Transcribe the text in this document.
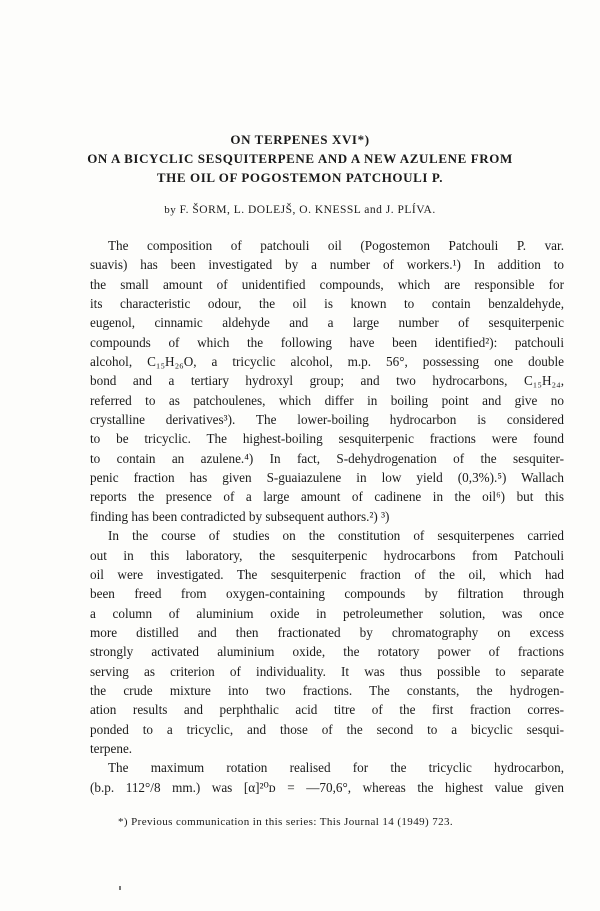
ON TERPENES XVI*)
ON A BICYCLIC SESQUITERPENE AND A NEW AZULENE FROM
THE OIL OF POGOSTEMON PATCHOULI P.
by F. ŠORM, L. DOLEJŠ, O. KNESSL and J. PLÍVA.
The composition of patchouli oil (Pogostemon Patchouli P. var.
suavis) has been investigated by a number of workers.¹) In addition to
the small amount of unidentified compounds, which are responsible for
its characteristic odour, the oil is known to contain benzaldehyde,
eugenol, cinnamic aldehyde and a large number of sesquiterpenic
compounds of which the following have been identified²): patchouli
alcohol, C₁₅H₂₆O, a tricyclic alcohol, m.p. 56°, possessing one double
bond and a tertiary hydroxyl group; and two hydrocarbons, C₁₅H₂₄,
referred to as patchoulenes, which differ in boiling point and give no
crystalline derivatives³). The lower-boiling hydrocarbon is considered
to be tricyclic. The highest-boiling sesquiterpenic fractions were found
to contain an azulene.⁴) In fact, S-dehydrogenation of the sesquiter-
penic fraction has given S-guaiazulene in low yield (0,3%).⁵) Wallach
reports the presence of a large amount of cadinene in the oil⁶) but this
finding has been contradicted by subsequent authors.²) ³)
In the course of studies on the constitution of sesquiterpenes carried
out in this laboratory, the sesquiterpenic hydrocarbons from Patchouli
oil were investigated. The sesquiterpenic fraction of the oil, which had
been freed from oxygen-containing compounds by filtration through
a column of aluminium oxide in petroleumether solution, was once
more distilled and then fractionated by chromatography on excess
strongly activated aluminium oxide, the rotatory power of fractions
serving as criterion of individuality. It was thus possible to separate
the crude mixture into two fractions. The constants, the hydrogen-
ation results and perphthalic acid titre of the first fraction corres-
ponded to a tricyclic, and those of the second to a bicyclic sesqui-
terpene.
The maximum rotation realised for the tricyclic hydrocarbon,
(b.p. 112°/8 mm.) was [α]²⁰ᴅ = —70,6°, whereas the highest value given
*) Previous communication in this series: This Journal 14 (1949) 723.
